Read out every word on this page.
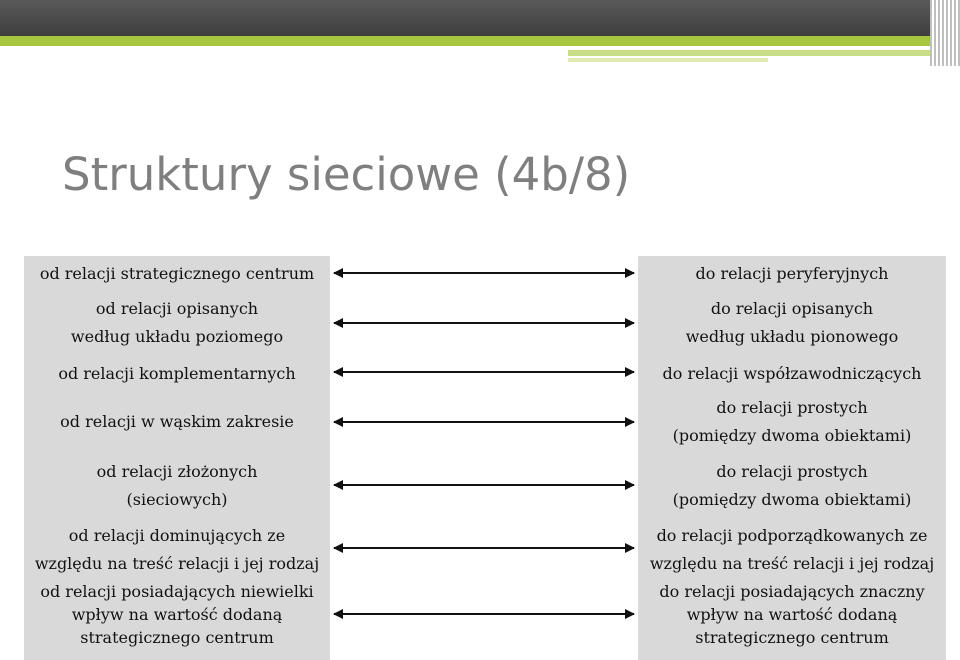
Struktury sieciowe (4b/8)
od relacji strategicznego centrum
od relacji opisanych
według układu poziomego
od relacji komplementarnych
od relacji w wąskim zakresie
od relacji złożonych
(sieciowych)
od relacji dominujących ze
względu na treść relacji i jej rodzaj
od relacji posiadających niewielki
wpływ na wartość dodaną
strategicznego centrum
do relacji peryferyjnych
do relacji opisanych
według układu pionowego
do relacji współzawodniczących
do relacji prostych
(pomiędzy dwoma obiektami)
do relacji prostych
(pomiędzy dwoma obiektami)
do relacji podporządkowanych ze
względu na treść relacji i jej rodzaj
do relacji posiadających znaczny
wpływ na wartość dodaną
strategicznego centrum
